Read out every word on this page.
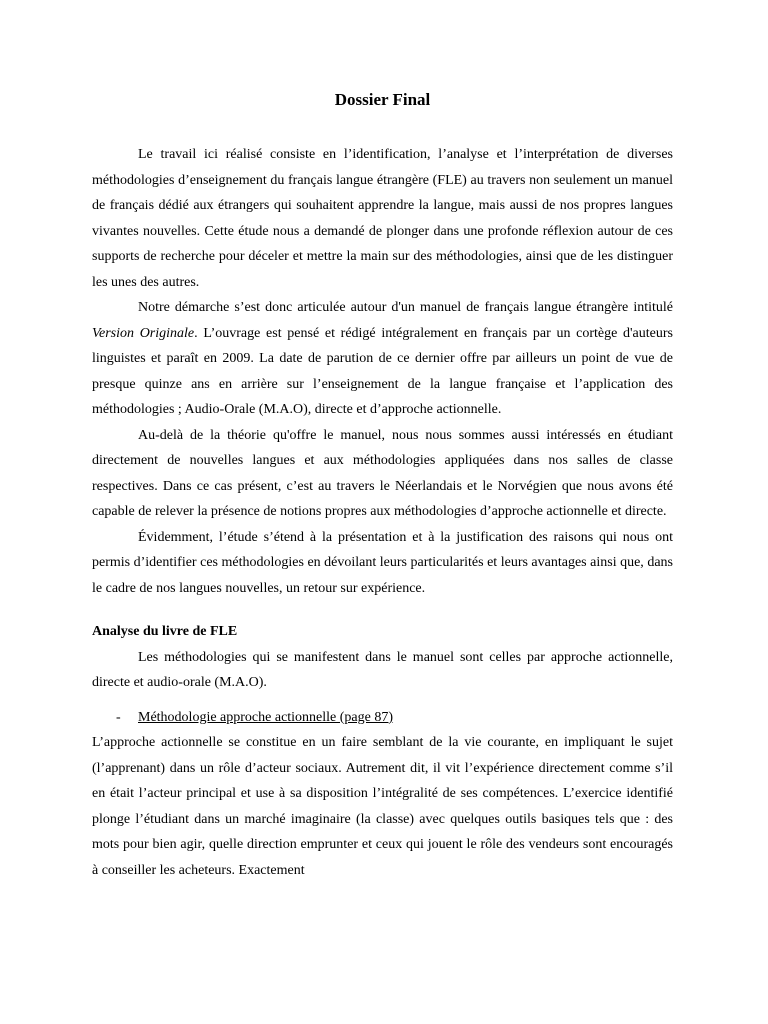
Dossier Final

Le travail ici réalisé consiste en l’identification, l’analyse et l’interprétation de diverses méthodologies d’enseignement du français langue étrangère (FLE) au travers non seulement un manuel de français dédié aux étrangers qui souhaitent apprendre la langue, mais aussi de nos propres langues vivantes nouvelles. Cette étude nous a demandé de plonger dans une profonde réflexion autour de ces supports de recherche pour déceler et mettre la main sur des méthodologies, ainsi que de les distinguer les unes des autres.

Notre démarche s’est donc articulée autour d'un manuel de français langue étrangère intitulé Version Originale. L’ouvrage est pensé et rédigé intégralement en français par un cortège d'auteurs linguistes et paraît en 2009. La date de parution de ce dernier offre par ailleurs un point de vue de presque quinze ans en arrière sur l’enseignement de la langue française et l’application des méthodologies ; Audio-Orale (M.A.O), directe et d’approche actionnelle.

Au-delà de la théorie qu'offre le manuel, nous nous sommes aussi intéressés en étudiant directement de nouvelles langues et aux méthodologies appliquées dans nos salles de classe respectives. Dans ce cas présent, c’est au travers le Néerlandais et le Norvégien que nous avons été capable de relever la présence de notions propres aux méthodologies d’approche actionnelle et directe.

Évidemment, l’étude s’étend à la présentation et à la justification des raisons qui nous ont permis d’identifier ces méthodologies en dévoilant leurs particularités et leurs avantages ainsi que, dans le cadre de nos langues nouvelles, un retour sur expérience.

Analyse du livre de FLE

Les méthodologies qui se manifestent dans le manuel sont celles par approche actionnelle, directe et audio-orale (M.A.O).

- Méthodologie approche actionnelle (page 87)

L’approche actionnelle se constitue en un faire semblant de la vie courante, en impliquant le sujet (l’apprenant) dans un rôle d’acteur sociaux. Autrement dit, il vit l’expérience directement comme s’il en était l’acteur principal et use à sa disposition l’intégralité de ses compétences. L’exercice identifié plonge l’étudiant dans un marché imaginaire (la classe) avec quelques outils basiques tels que : des mots pour bien agir, quelle direction emprunter et ceux qui jouent le rôle des vendeurs sont encouragés à conseiller les acheteurs. Exactement
